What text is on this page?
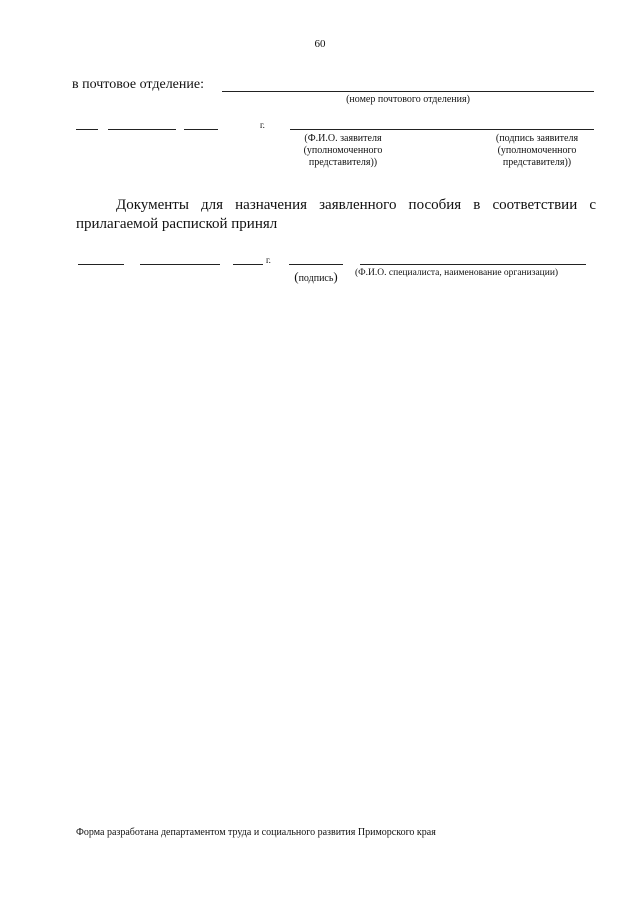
60
в почтовое отделение:
(номер почтового отделения)
г.
(Ф.И.О. заявителя (уполномоченного представителя))
(подпись заявителя (уполномоченного представителя))
Документы для назначения заявленного пособия в соответствии с прилагаемой распиской принял
г.
(подпись)	(Ф.И.О. специалиста, наименование организации)
Форма разработана департаментом труда и социального развития Приморского края
